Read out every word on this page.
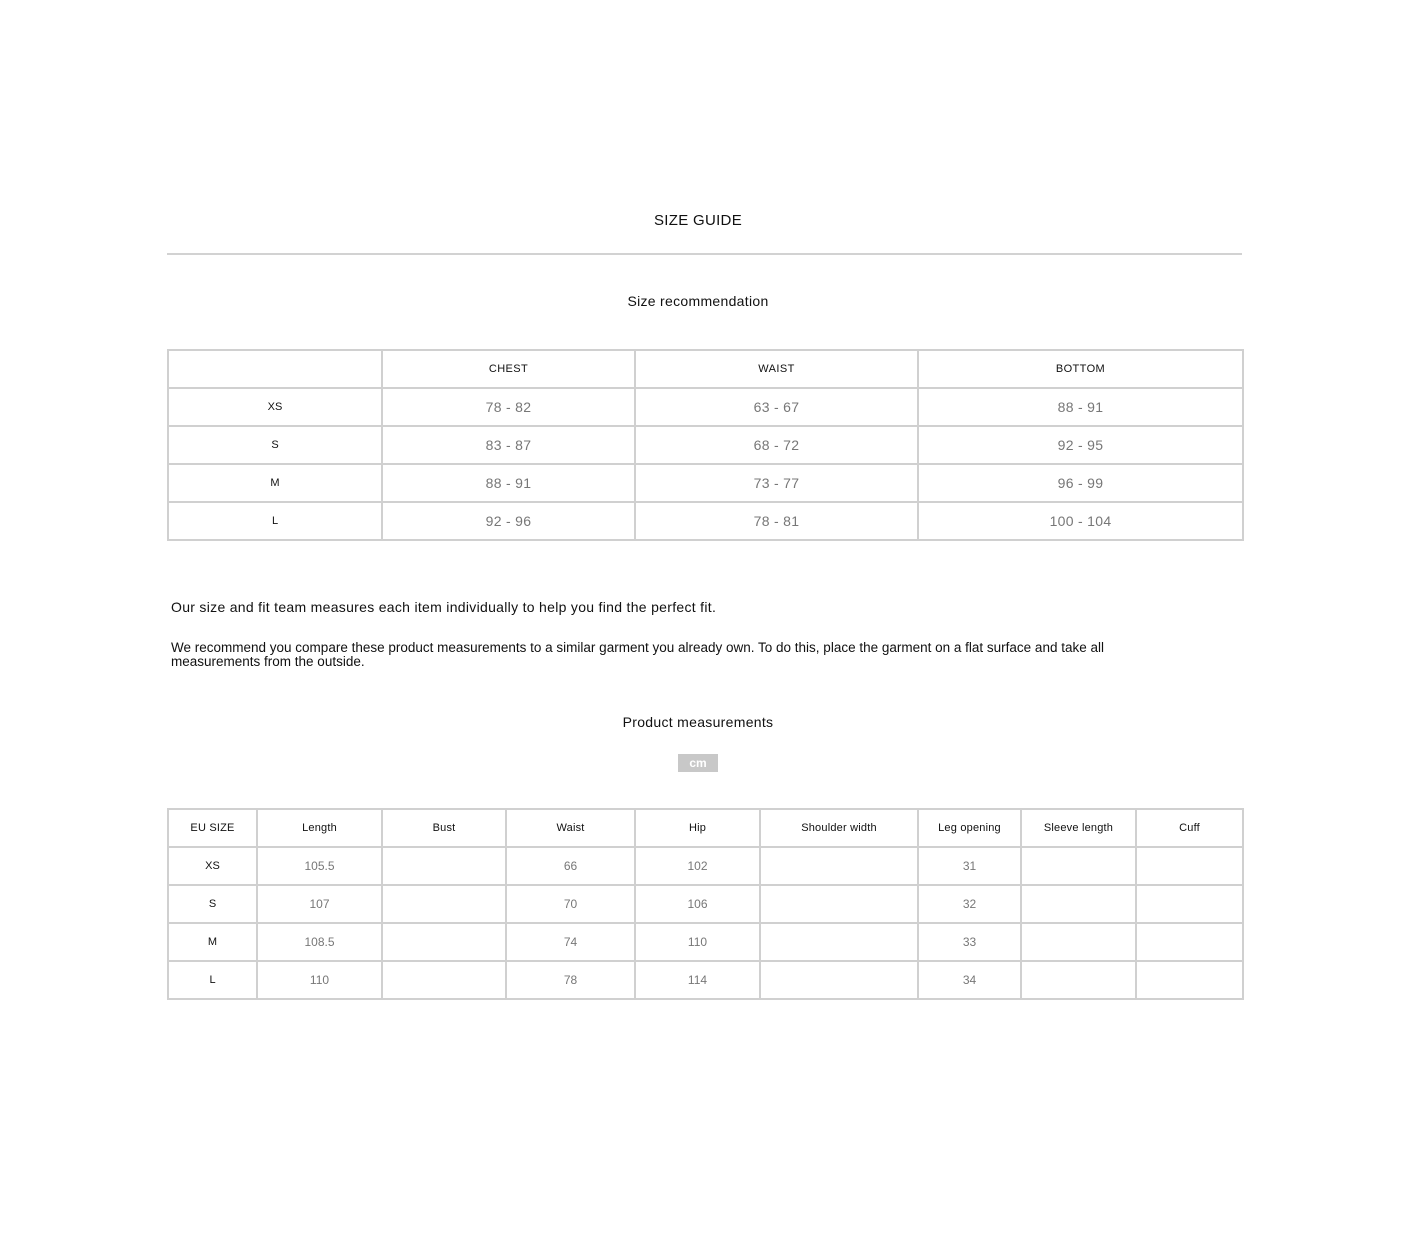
SIZE GUIDE
Size recommendation
	CHEST	WAIST	BOTTOM
XS	78 - 82	63 - 67	88 - 91
S	83 - 87	68 - 72	92 - 95
M	88 - 91	73 - 77	96 - 99
L	92 - 96	78 - 81	100 - 104
Our size and fit team measures each item individually to help you find the perfect fit.
We recommend you compare these product measurements to a similar garment you already own. To do this, place the garment on a flat surface and take all measurements from the outside.
Product measurements
cm
EU SIZE	Length	Bust	Waist	Hip	Shoulder width	Leg opening	Sleeve length	Cuff
XS	105.5		66	102		31		
S	107		70	106		32		
M	108.5		74	110		33		
L	110		78	114		34		
